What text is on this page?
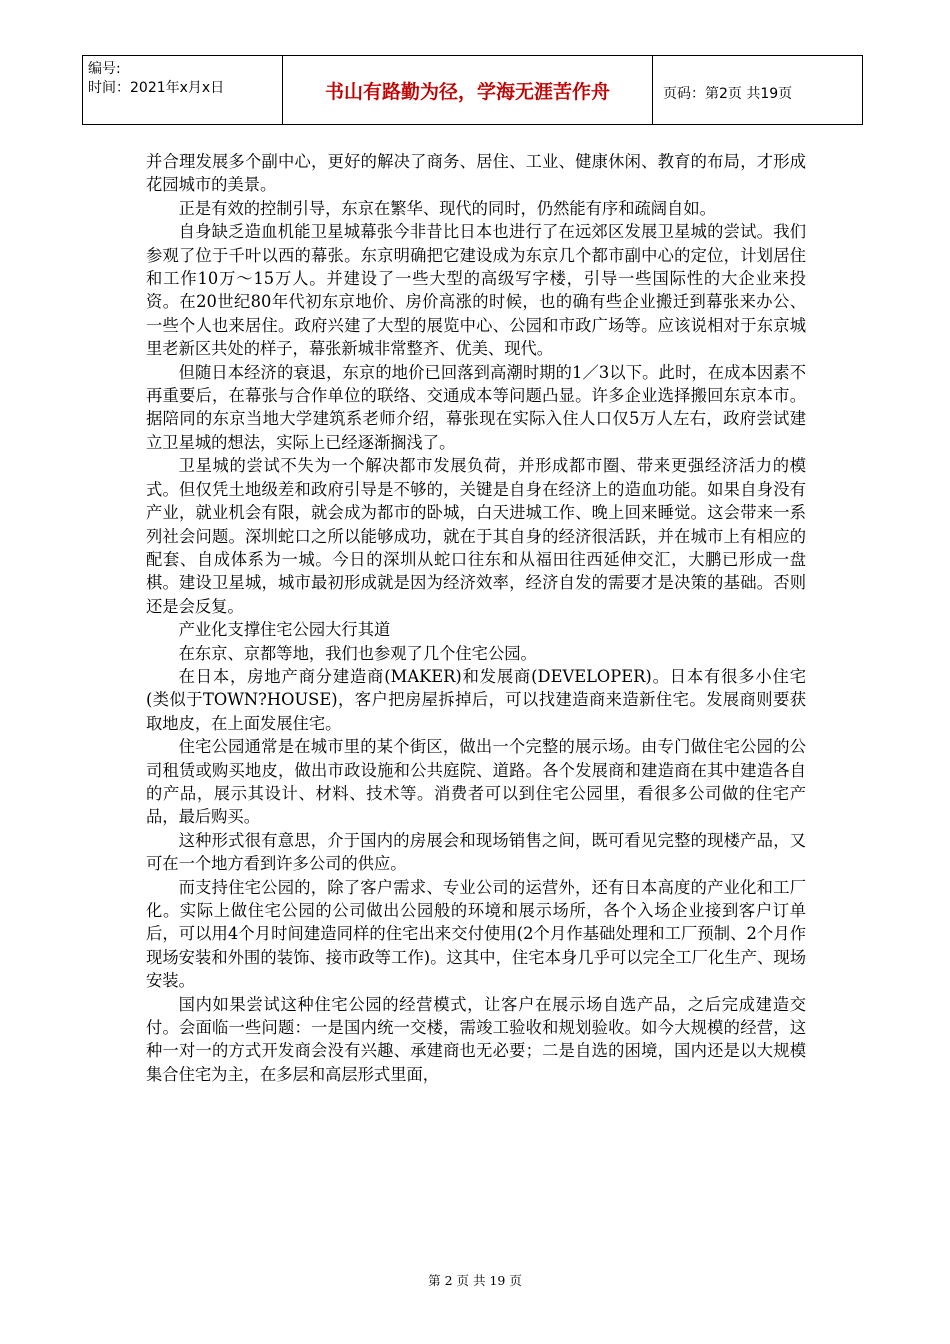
编号:
时间：2021年x月x日	书山有路勤为径，学海无涯苦作舟	页码：第2页 共19页

并合理发展多个副中心，更好的解决了商务、居住、工业、健康休闲、教育的布局，才形成花园城市的美景。

正是有效的控制引导，东京在繁华、现代的同时，仍然能有序和疏阔自如。

自身缺乏造血机能卫星城幕张今非昔比日本也进行了在远郊区发展卫星城的尝试。我们参观了位于千叶以西的幕张。东京明确把它建设成为东京几个都市副中心的定位，计划居住和工作10万～15万人。并建设了一些大型的高级写字楼，引导一些国际性的大企业来投资。在20世纪80年代初东京地价、房价高涨的时候，也的确有些企业搬迁到幕张来办公、一些个人也来居住。政府兴建了大型的展览中心、公园和市政广场等。应该说相对于东京城里老新区共处的样子，幕张新城非常整齐、优美、现代。

但随日本经济的衰退，东京的地价已回落到高潮时期的1／3以下。此时，在成本因素不再重要后，在幕张与合作单位的联络、交通成本等问题凸显。许多企业选择搬回东京本市。据陪同的东京当地大学建筑系老师介绍，幕张现在实际入住人口仅5万人左右，政府尝试建立卫星城的想法，实际上已经逐渐搁浅了。

卫星城的尝试不失为一个解决都市发展负荷，并形成都市圈、带来更强经济活力的模式。但仅凭土地级差和政府引导是不够的，关键是自身在经济上的造血功能。如果自身没有产业，就业机会有限，就会成为都市的卧城，白天进城工作、晚上回来睡觉。这会带来一系列社会问题。深圳蛇口之所以能够成功，就在于其自身的经济很活跃，并在城市上有相应的配套、自成体系为一城。今日的深圳从蛇口往东和从福田往西延伸交汇，大鹏已形成一盘棋。建设卫星城，城市最初形成就是因为经济效率，经济自发的需要才是决策的基础。否则还是会反复。

产业化支撑住宅公园大行其道

在东京、京都等地，我们也参观了几个住宅公园。

在日本，房地产商分建造商(MAKER)和发展商(DEVELOPER)。日本有很多小住宅(类似于TOWN?HOUSE)，客户把房屋拆掉后，可以找建造商来造新住宅。发展商则要获取地皮，在上面发展住宅。

住宅公园通常是在城市里的某个街区，做出一个完整的展示场。由专门做住宅公园的公司租赁或购买地皮，做出市政设施和公共庭院、道路。各个发展商和建造商在其中建造各自的产品，展示其设计、材料、技术等。消费者可以到住宅公园里，看很多公司做的住宅产品，最后购买。

这种形式很有意思，介于国内的房展会和现场销售之间，既可看见完整的现楼产品，又可在一个地方看到许多公司的供应。

而支持住宅公园的，除了客户需求、专业公司的运营外，还有日本高度的产业化和工厂化。实际上做住宅公园的公司做出公园般的环境和展示场所，各个入场企业接到客户订单后，可以用4个月时间建造同样的住宅出来交付使用(2个月作基础处理和工厂预制、2个月作现场安装和外围的装饰、接市政等工作)。这其中，住宅本身几乎可以完全工厂化生产、现场安装。

国内如果尝试这种住宅公园的经营模式，让客户在展示场自选产品，之后完成建造交付。会面临一些问题：一是国内统一交楼，需竣工验收和规划验收。如今大规模的经营，这种一对一的方式开发商会没有兴趣、承建商也无必要；二是自选的困境，国内还是以大规模集合住宅为主，在多层和高层形式里面，

第 2 页 共 19 页
